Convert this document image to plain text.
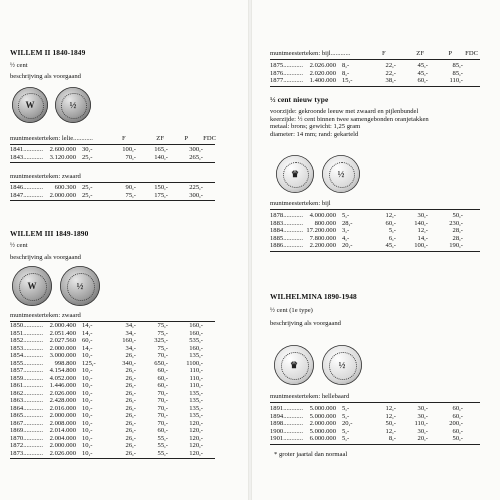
WILLEM II 1840-1849

½ cent

beschrijving als voorgaand

W	½
muntmeesterteken: lelie............	F	ZF	P	FDC
1841............	2.600.000 30,-	100,-	165,-	300,-
1843............	3.120.000 25,-	70,-	140,-	265,-

muntmeesterteken: zwaard

1846............	600.300 25,-	90,-	150,-	225,-
1847............	2.000.000 25,-	75,-	175,-	300,-

WILLEM III 1849-1890

½ cent

beschrijving als voorgaand

W	½

muntmeesterteken: zwaard

1850............	2.000.400 14,-	34,-	75,-	160,-
1851............	2.051.400 14,-	34,-	75,-	160,-
1852............	2.027.560 60,-	160,-	325,-	535,-
1853............	2.000.000 14,-	34,-	75,-	160,-
1854............	3.000.000 10,-	26,-	70,-	135,-
1855............	998.800 125,-	340,-	650,-	1100,-
1857............	4.154.800 10,-	26,-	60,-	110,-
1859............	4.052.000 10,-	26,-	60,-	110,-
1861............	1.446.000 10,-	26,-	60,-	110,-
1862............	2.026.000 10,-	26,-	70,-	135,-
1863............	2.428.000 10,-	26,-	70,-	135,-
1864............	2.016.000 10,-	26,-	70,-	135,-
1865............	2.000.000 10,-	26,-	70,-	135,-
1867............	2.008.000 10,-	26,-	70,-	120,-
1869............	2.014.000 10,-	26,-	60,-	120,-
1870............	2.004.000 10,-	26,-	55,-	120,-
1872............	2.000.000 10,-	26,-	55,-	120,-
1873............	2.026.000 10,-	26,-	55,-	120,-
muntmeesterteken: bijl............	F	ZF	P	FDC
1875............	2.026.000 8,-	22,-	45,-	85,-
1876............	2.020.000 8,-	22,-	45,-	85,-
1877............	1.400.000 15,-	38,-	60,-	110,-

½ cent nieuw type

voorzijde: gekroonde leeuw met zwaard en pijlenbundel

keerzijde: ½ cent binnen twee samengebonden oranjetakken

metaal: brons; gewicht: 1,25 gram

diameter: 14 mm; rand: gekarteld

♛	½

muntmeesterteken: bijl

1878............	4.000.000 5,-	12,-	30,-	50,-
1883............	800.000 28,-	60,-	140,-	230,-
1884............ 17.200.000 3,-	5,-	12,-	28,-
1885............	7.800.000 4,-	6,-	14,-	28,-
1886............	2.200.000 20,-	45,-	100,-	190,-

WILHELMINA 1890-1948

½ cent (1e type)

beschrijving als voorgaand

♛	½

muntmeesterteken: hellebaard

1891............	5.000.000 5,-	12,-	30,-	60,-
1894............	5.000.000 5,-	12,-	30,-	60,-
1898............	2.000.000 20,-	50,-	110,-	200,-
1900............	5.000.000 5,-	12,-	30,-	60,-
1901............	6.000.000 5,-	8,-	20,-	50,-

* groter jaartal dan normaal
